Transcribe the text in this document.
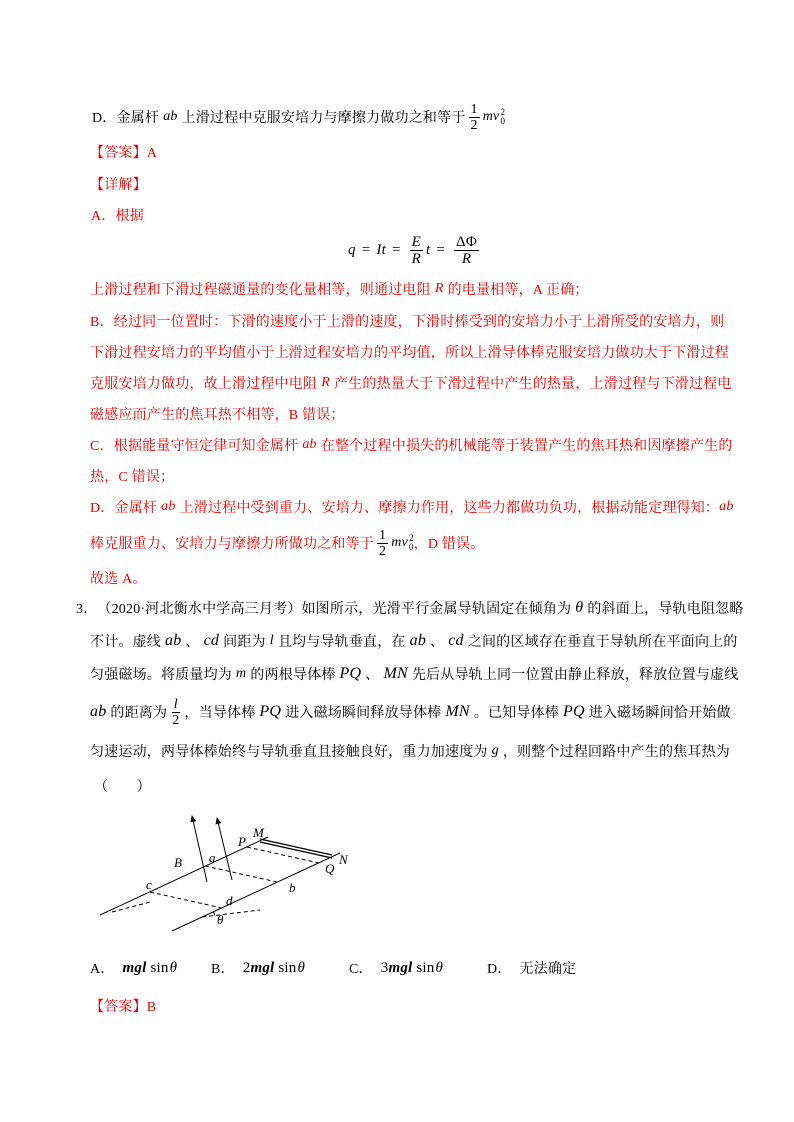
D． 金属杆 ab 上滑过程中克服安培力与摩擦力做功之和等于 $\frac{1}{2}$ mv 2
0
【答案】A
【详解】
A．根据
$q = It = \frac{E}{R}$ $t = \frac{\Delta\Phi}{R}$
上滑过程和下滑过程磁通量的变化量相等，则通过电阻 R 的电量相等，A 正确；
B．经过同一位置时：下滑的速度小于上滑的速度，下滑时棒受到的安培力小于上滑所受的安培力，则
下滑过程安培力的平均值小于上滑过程安培力的平均值，所以上滑导体棒克服安培力做功大于下滑过程
克服安培力做功，故上滑过程中电阻 R 产生的热量大于下滑过程中产生的热量，上滑过程与下滑过程电
磁感应而产生的焦耳热不相等，B 错误；
C．根据能量守恒定律可知金属杆 ab 在整个过程中损失的机械能等于装置产生的焦耳热和因摩擦产生的
热，C 错误；
D．金属杆 ab 上滑过程中受到重力、安培力、摩擦力作用，这些力都做功负功，根据动能定理得知： ab
棒克服重力、安培力与摩擦力所做功之和等于 $\frac{1}{2}$ mv 2
0 ，D 错误。
故选 A。
3． （2020·河北衡水中学高三月考） 如图所示，光滑平行金属导轨固定在倾角为 θ 的斜面上，导轨电阻忽略
不计。虚线 ab 、 cd 间距为 l 且均与导轨垂直，在 ab 、 cd 之间的区域存在垂直于导轨所在平面向上的
匀强磁场。将质量均为 m 的两根导体棒 PQ 、 MN 先后从导轨上同一位置由静止释放，释放位置与虚线
ab 的距离为 $\frac{l}{2}$ ，当导体棒 PQ 进入磁场瞬间释放导体棒 MN 。已知导体棒 PQ 进入磁场瞬间恰开始做
匀速运动，两导体棒始终与导轨垂直且接触良好，重力加速度为 g ，则整个过程回路中产生的焦耳热为
（　　）
B
P
M
a
Q
N
c
d
b
θ
A． mgl sin θ B． 2 mgl sin θ	C． 3 mgl sin θ	D． 无法确定
【答案】B
